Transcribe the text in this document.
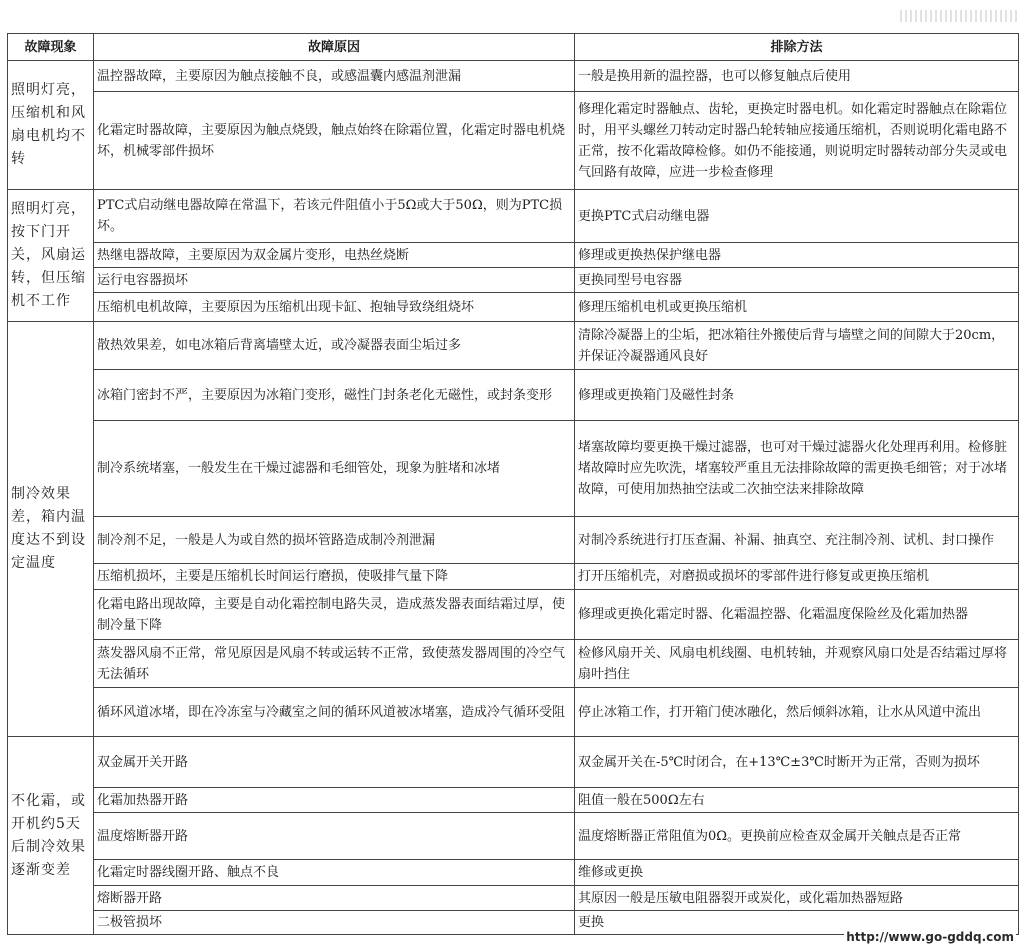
故障现象	故障原因	排除方法
照明灯亮，压缩机和风扇电机均不转	温控器故障，主要原因为触点接触不良，或感温囊内感温剂泄漏	一般是换用新的温控器，也可以修复触点后使用
	化霜定时器故障，主要原因为触点烧毁，触点始终在除霜位置，化霜定时器电机烧坏，机械零部件损坏	修理化霜定时器触点、齿轮，更换定时器电机。如化霜定时器触点在除霜位时，用平头螺丝刀转动定时器凸轮转轴应接通压缩机，否则说明化霜电路不正常，按不化霜故障检修。如仍不能接通，则说明定时器转动部分失灵或电气回路有故障，应进一步检查修理
照明灯亮，按下门开关，风扇运转，但压缩机不工作	PTC式启动继电器故障在常温下，若该元件阻值小于5Ω或大于50Ω，则为PTC损坏。	更换PTC式启动继电器
	热继电器故障，主要原因为双金属片变形，电热丝烧断	修理或更换热保护继电器
	运行电容器损坏	更换同型号电容器
	压缩机电机故障，主要原因为压缩机出现卡缸、抱轴导致绕组烧坏	修理压缩机电机或更换压缩机
制冷效果差，箱内温度达不到设定温度	散热效果差，如电冰箱后背离墙壁太近，或冷凝器表面尘垢过多	清除冷凝器上的尘垢，把冰箱往外搬使后背与墙壁之间的间隙大于20cm，并保证冷凝器通风良好
	冰箱门密封不严，主要原因为冰箱门变形，磁性门封条老化无磁性，或封条变形	修理或更换箱门及磁性封条
	制冷系统堵塞，一般发生在干燥过滤器和毛细管处，现象为脏堵和冰堵	堵塞故障均要更换干燥过滤器，也可对干燥过滤器火化处理再利用。检修脏堵故障时应先吹洗，堵塞较严重且无法排除故障的需更换毛细管；对于冰堵故障，可使用加热抽空法或二次抽空法来排除故障
	制冷剂不足，一般是人为或自然的损坏管路造成制冷剂泄漏	对制冷系统进行打压查漏、补漏、抽真空、充注制冷剂、试机、封口操作
	压缩机损坏，主要是压缩机长时间运行磨损，使吸排气量下降	打开压缩机壳，对磨损或损坏的零部件进行修复或更换压缩机
	化霜电路出现故障，主要是自动化霜控制电路失灵，造成蒸发器表面结霜过厚，使制冷量下降	修理或更换化霜定时器、化霜温控器、化霜温度保险丝及化霜加热器
	蒸发器风扇不正常，常见原因是风扇不转或运转不正常，致使蒸发器周围的冷空气无法循环	检修风扇开关、风扇电机线圈、电机转轴，并观察风扇口处是否结霜过厚将扇叶挡住
	循环风道冰堵，即在冷冻室与冷藏室之间的循环风道被冰堵塞，造成冷气循环受阻	停止冰箱工作，打开箱门使冰融化，然后倾斜冰箱，让水从风道中流出
不化霜，或开机约5天后制冷效果逐渐变差	双金属开关开路	双金属开关在-5℃时闭合，在+13℃±3℃时断开为正常，否则为损坏
	化霜加热器开路	阻值一般在500Ω左右
	温度熔断器开路	温度熔断器正常阻值为0Ω。更换前应检查双金属开关触点是否正常
	化霜定时器线圈开路、触点不良	维修或更换
	熔断器开路	其原因一般是压敏电阻器裂开或炭化，或化霜加热器短路
	二极管损坏	更换
http://www.go-gddq.com
